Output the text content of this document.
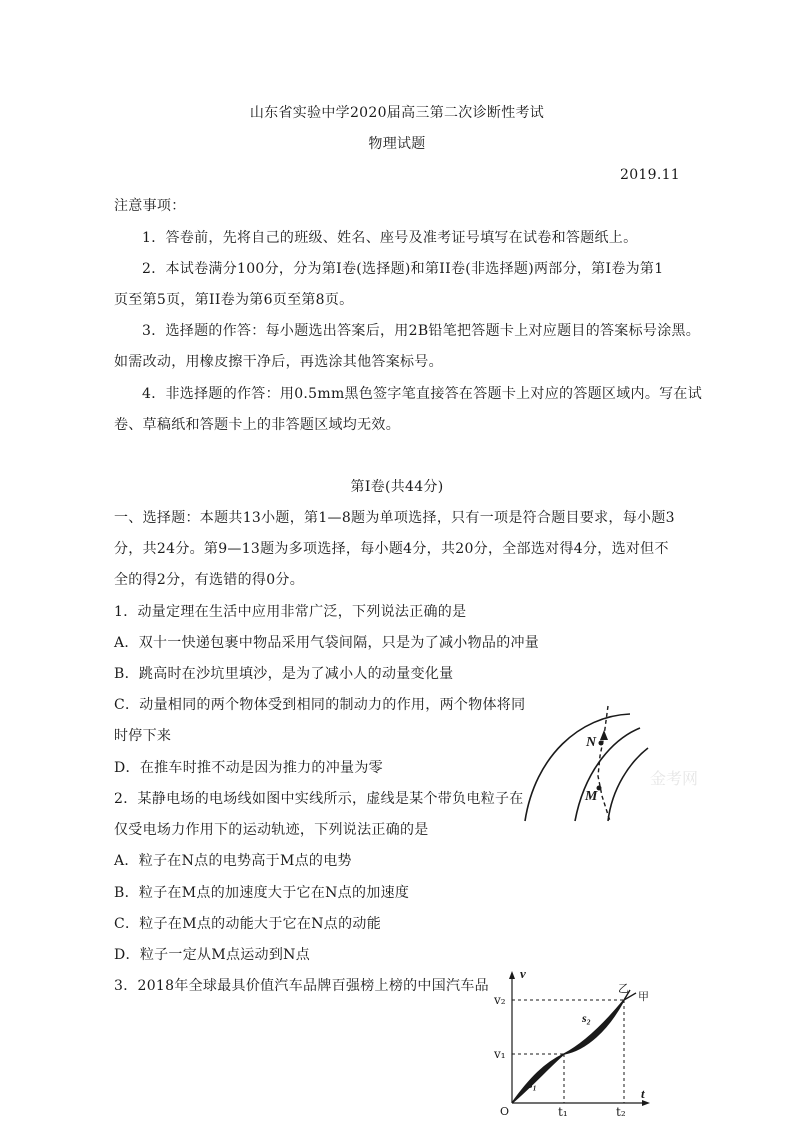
山东省实验中学2020届高三第二次诊断性考试
物理试题
2019.11
注意事项：
1．答卷前，先将自己的班级、姓名、座号及准考证号填写在试卷和答题纸上。
2．本试卷满分100分，分为第I卷(选择题)和第II卷(非选择题)两部分，第I卷为第1
页至第5页，第II卷为第6页至第8页。
3．选择题的作答：每小题选出答案后，用2B铅笔把答题卡上对应题目的答案标号涂黑。
如需改动，用橡皮擦干净后，再选涂其他答案标号。
4．非选择题的作答：用0.5mm黑色签字笔直接答在答题卡上对应的答题区域内。写在试
卷、草稿纸和答题卡上的非答题区域均无效。
第I卷(共44分)
一、选择题：本题共13小题，第1—8题为单项选择，只有一项是符合题目要求，每小题3
分，共24分。第9—13题为多项选择，每小题4分，共20分，全部选对得4分，选对但不
全的得2分，有选错的得0分。
1．动量定理在生活中应用非常广泛，下列说法正确的是
A．双十一快递包裹中物品采用气袋间隔，只是为了减小物品的冲量
B．跳高时在沙坑里填沙，是为了减小人的动量变化量
C．动量相同的两个物体受到相同的制动力的作用，两个物体将同
时停下来
D．在推车时推不动是因为推力的冲量为零
2．某静电场的电场线如图中实线所示，虚线是某个带负电粒子在
仅受电场力作用下的运动轨迹，下列说法正确的是
A．粒子在N点的电势高于M点的电势
B．粒子在M点的加速度大于它在N点的加速度
C．粒子在M点的动能大于它在N点的动能
D．粒子一定从M点运动到N点
3．2018年全球最具价值汽车品牌百强榜上榜的中国汽车品
N
M
金考网
v
t
O
v₂
v₁
t₁	t₂
s₁
s₂
乙
甲
